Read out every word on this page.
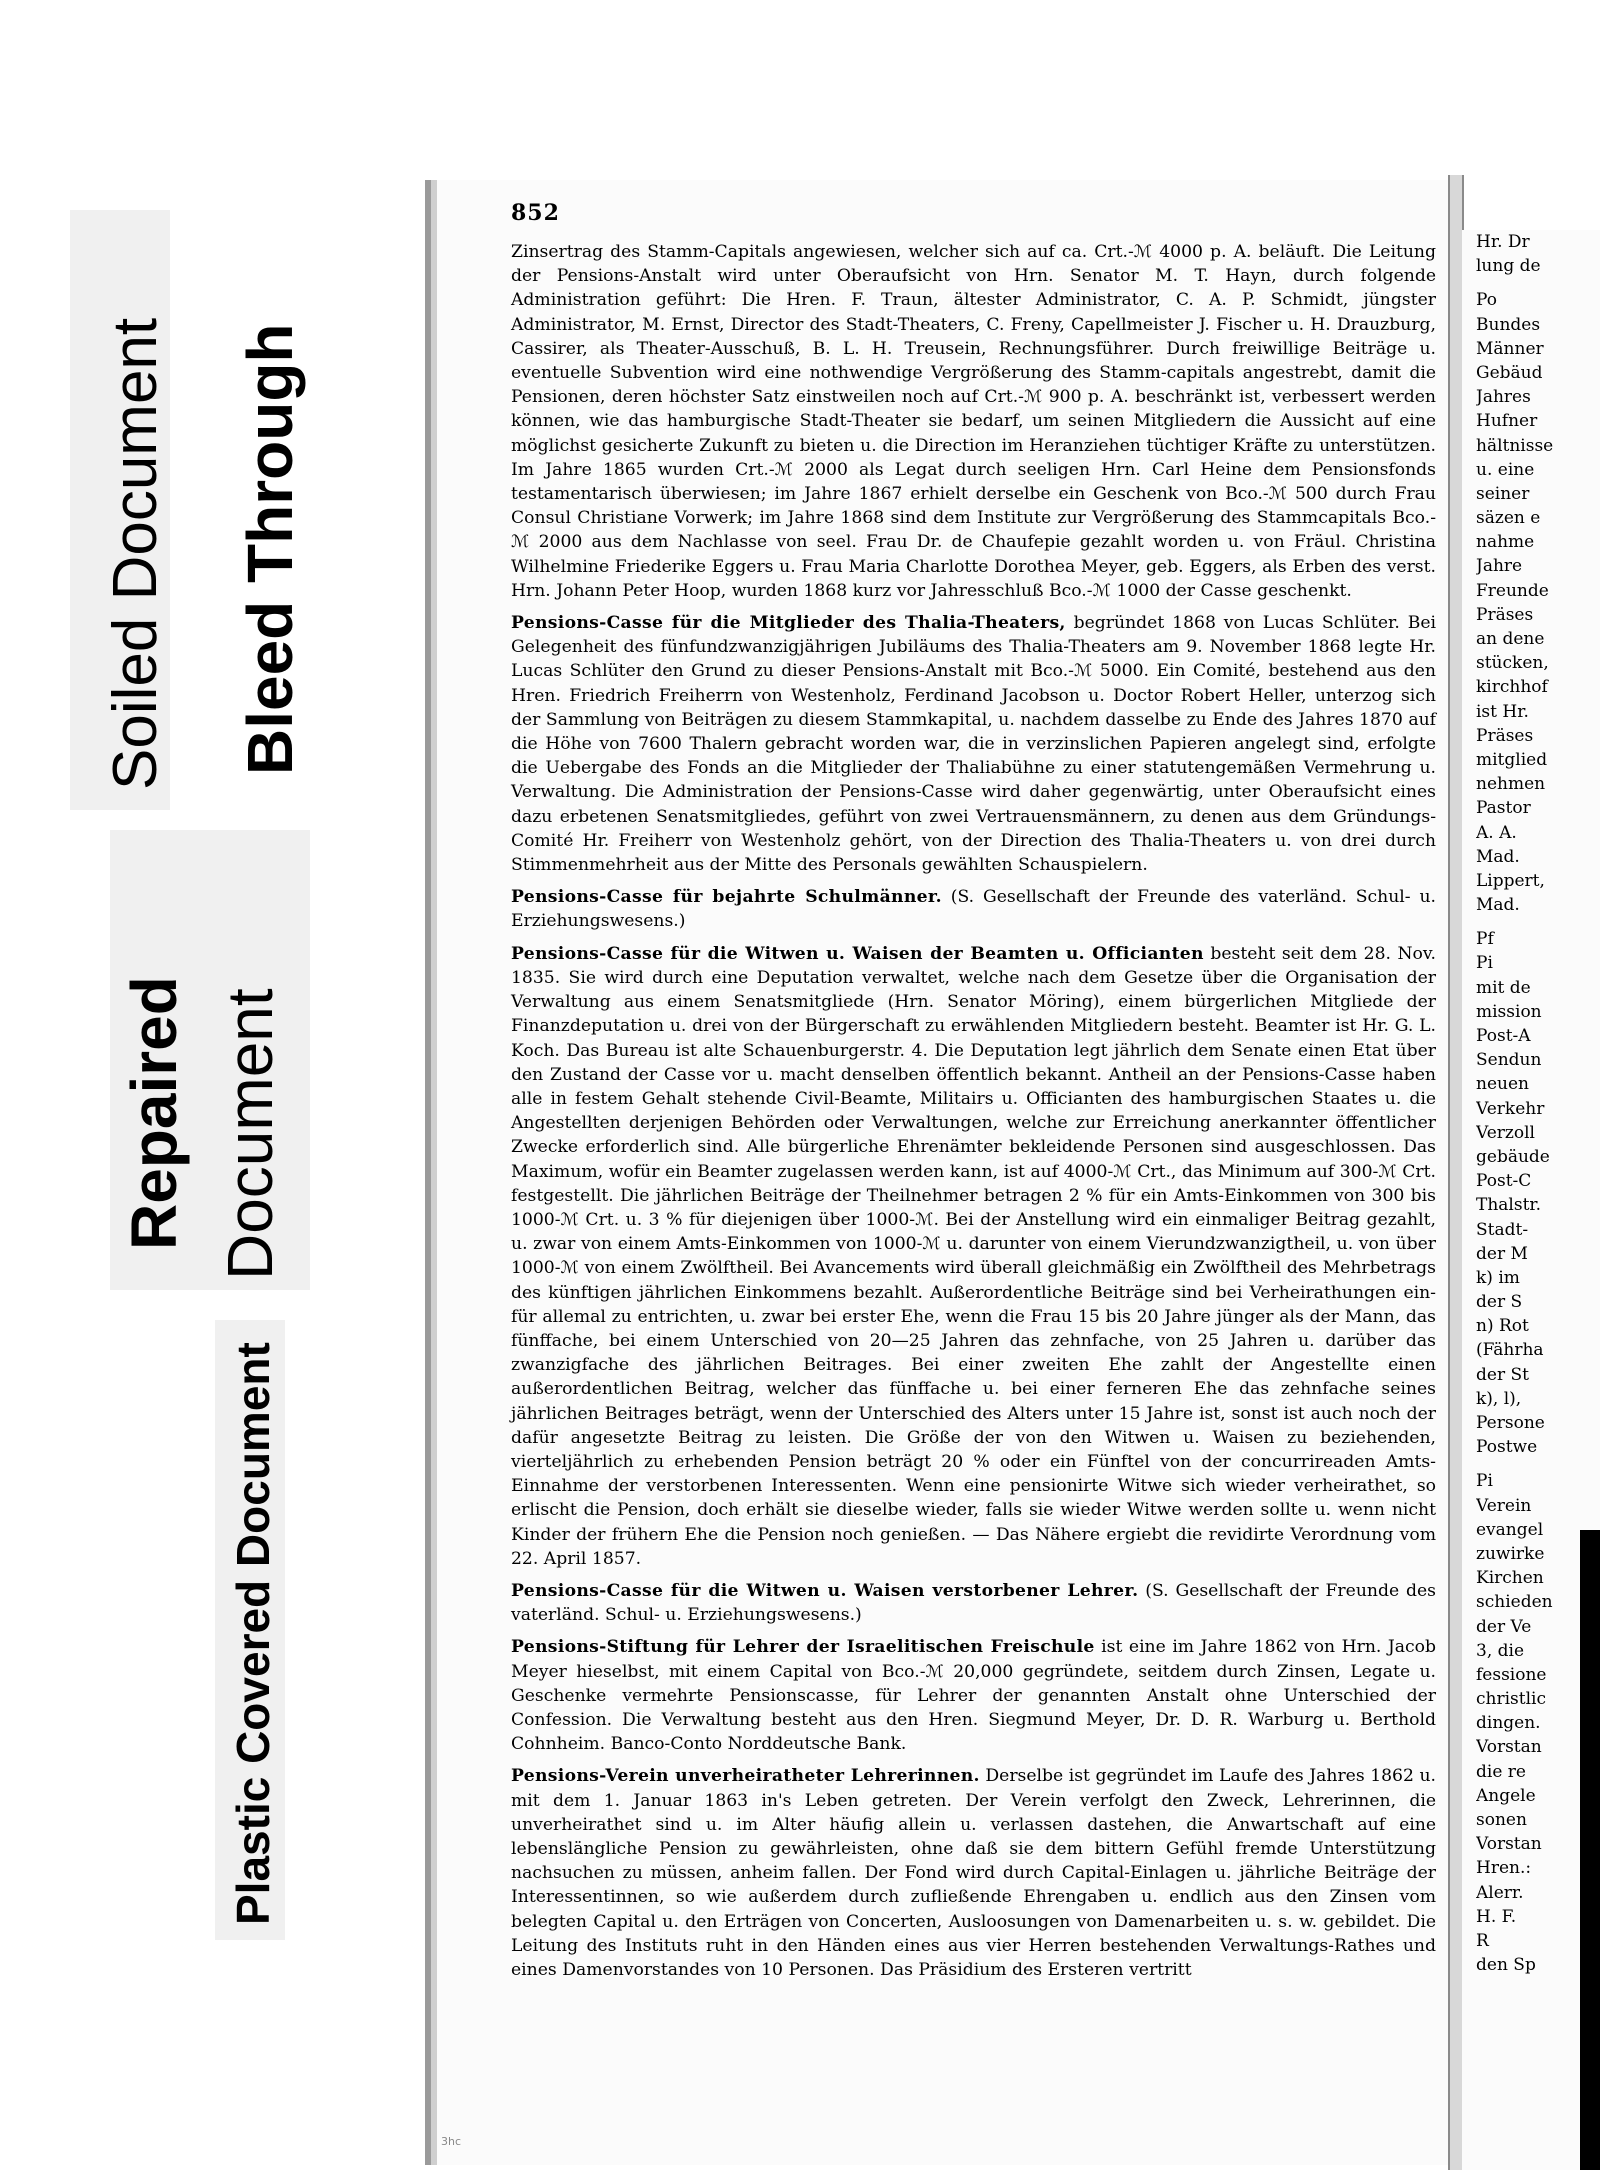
Soiled Document Bleed Through
Repaired Document
Plastic Covered Document
852

Zinsertrag des Stamm-Capitals angewiesen, welcher sich auf ca. Crt.-ℳ 4000 p. A. beläuft. Die Leitung der Pensions-Anstalt wird unter Oberaufsicht von Hrn. Senator M. T. Hayn, durch folgende Administration geführt: Die Hren. F. Traun, ältester Administrator, C. A. P. Schmidt, jüngster Administrator, M. Ernst, Director des Stadt-Theaters, C. Freny, Capellmeister J. Fischer u. H. Drauzburg, Cassirer, als Theater-Ausschuß, B. L. H. Treusein, Rechnungsführer. Durch freiwillige Beiträge u. eventuelle Subvention wird eine nothwendige Vergrößerung des Stamm-capitals angestrebt, damit die Pensionen, deren höchster Satz einstweilen noch auf Crt.-ℳ 900 p. A. beschränkt ist, verbessert werden können, wie das hamburgische Stadt-Theater sie bedarf, um seinen Mitgliedern die Aussicht auf eine möglichst gesicherte Zukunft zu bieten u. die Direction im Heranziehen tüchtiger Kräfte zu unterstützen. Im Jahre 1865 wurden Crt.-ℳ 2000 als Legat durch seeligen Hrn. Carl Heine dem Pensionsfonds testamentarisch überwiesen; im Jahre 1867 erhielt derselbe ein Geschenk von Bco.-ℳ 500 durch Frau Consul Christiane Vorwerk; im Jahre 1868 sind dem Institute zur Vergrößerung des Stammcapitals Bco.-ℳ 2000 aus dem Nachlasse von seel. Frau Dr. de Chaufepie gezahlt worden u. von Fräul. Christina Wilhelmine Friederike Eggers u. Frau Maria Charlotte Dorothea Meyer, geb. Eggers, als Erben des verst. Hrn. Johann Peter Hoop, wurden 1868 kurz vor Jahresschluß Bco.-ℳ 1000 der Casse geschenkt.

Pensions-Casse für die Mitglieder des Thalia-Theaters, begründet 1868 von Lucas Schlüter. Bei Gelegenheit des fünfundzwanzigjährigen Jubiläums des Thalia-Theaters am 9. November 1868 legte Hr. Lucas Schlüter den Grund zu dieser Pensions-Anstalt mit Bco.-ℳ 5000. Ein Comité, bestehend aus den Hren. Friedrich Freiherrn von Westenholz, Ferdinand Jacobson u. Doctor Robert Heller, unterzog sich der Sammlung von Beiträgen zu diesem Stammkapital, u. nachdem dasselbe zu Ende des Jahres 1870 auf die Höhe von 7600 Thalern gebracht worden war, die in verzinslichen Papieren angelegt sind, erfolgte die Uebergabe des Fonds an die Mitglieder der Thaliabühne zu einer statutengemäßen Vermehrung u. Verwaltung. Die Administration der Pensions-Casse wird daher gegenwärtig, unter Oberaufsicht eines dazu erbetenen Senatsmitgliedes, geführt von zwei Vertrauensmännern, zu denen aus dem Gründungs-Comité Hr. Freiherr von Westenholz gehört, von der Direction des Thalia-Theaters u. von drei durch Stimmenmehrheit aus der Mitte des Personals gewählten Schauspielern.

Pensions-Casse für bejahrte Schulmänner. (S. Gesellschaft der Freunde des vaterländ. Schul- u. Erziehungswesens.)

Pensions-Casse für die Witwen u. Waisen der Beamten u. Officianten besteht seit dem 28. Nov. 1835. Sie wird durch eine Deputation verwaltet, welche nach dem Gesetze über die Organisation der Verwaltung aus einem Senatsmitgliede (Hrn. Senator Möring), einem bürgerlichen Mitgliede der Finanzdeputation u. drei von der Bürgerschaft zu erwählenden Mitgliedern besteht. Beamter ist Hr. G. L. Koch. Das Bureau ist alte Schauenburgerstr. 4. Die Deputation legt jährlich dem Senate einen Etat über den Zustand der Casse vor u. macht denselben öffentlich bekannt. Antheil an der Pensions-Casse haben alle in festem Gehalt stehende Civil-Beamte, Militairs u. Officianten des hamburgischen Staates u. die Angestellten derjenigen Behörden oder Verwaltungen, welche zur Erreichung anerkannter öffentlicher Zwecke erforderlich sind. Alle bürgerliche Ehrenämter bekleidende Personen sind ausgeschlossen. Das Maximum, wofür ein Beamter zugelassen werden kann, ist auf 4000-ℳ Crt., das Minimum auf 300-ℳ Crt. festgestellt. Die jährlichen Beiträge der Theilnehmer betragen 2 % für ein Amts-Einkommen von 300 bis 1000-ℳ Crt. u. 3 % für diejenigen über 1000-ℳ. Bei der Anstellung wird ein einmaliger Beitrag gezahlt, u. zwar von einem Amts-Einkommen von 1000-ℳ u. darunter von einem Vierundzwanzigtheil, u. von über 1000-ℳ von einem Zwölftheil. Bei Avancements wird überall gleichmäßig ein Zwölftheil des Mehrbetrags des künftigen jährlichen Einkommens bezahlt. Außerordentliche Beiträge sind bei Verheirathungen ein- für allemal zu entrichten, u. zwar bei erster Ehe, wenn die Frau 15 bis 20 Jahre jünger als der Mann, das fünffache, bei einem Unterschied von 20—25 Jahren das zehnfache, von 25 Jahren u. darüber das zwanzigfache des jährlichen Beitrages. Bei einer zweiten Ehe zahlt der Angestellte einen außerordentlichen Beitrag, welcher das fünffache u. bei einer ferneren Ehe das zehnfache seines jährlichen Beitrages beträgt, wenn der Unterschied des Alters unter 15 Jahre ist, sonst ist auch noch der dafür angesetzte Beitrag zu leisten. Die Größe der von den Witwen u. Waisen zu beziehenden, vierteljährlich zu erhebenden Pension beträgt 20 % oder ein Fünftel von der concurrireaden Amts-Einnahme der verstorbenen Interessenten. Wenn eine pensionirte Witwe sich wieder verheirathet, so erlischt die Pension, doch erhält sie dieselbe wieder, falls sie wieder Witwe werden sollte u. wenn nicht Kinder der frühern Ehe die Pension noch genießen. — Das Nähere ergiebt die revidirte Verordnung vom 22. April 1857.

Pensions-Casse für die Witwen u. Waisen verstorbener Lehrer. (S. Gesellschaft der Freunde des vaterländ. Schul- u. Erziehungswesens.)

Pensions-Stiftung für Lehrer der Israelitischen Freischule ist eine im Jahre 1862 von Hrn. Jacob Meyer hieselbst, mit einem Capital von Bco.-ℳ 20,000 gegründete, seitdem durch Zinsen, Legate u. Geschenke vermehrte Pensionscasse, für Lehrer der genannten Anstalt ohne Unterschied der Confession. Die Verwaltung besteht aus den Hren. Siegmund Meyer, Dr. D. R. Warburg u. Berthold Cohnheim. Banco-Conto Norddeutsche Bank.

Pensions-Verein unverheiratheter Lehrerinnen. Derselbe ist gegründet im Laufe des Jahres 1862 u. mit dem 1. Januar 1863 in's Leben getreten. Der Verein verfolgt den Zweck, Lehrerinnen, die unverheirathet sind u. im Alter häufig allein u. verlassen dastehen, die Anwartschaft auf eine lebenslängliche Pension zu gewährleisten, ohne daß sie dem bittern Gefühl fremde Unterstützung nachsuchen zu müssen, anheim fallen. Der Fond wird durch Capital-Einlagen u. jährliche Beiträge der Interessentinnen, so wie außerdem durch zufließende Ehrengaben u. endlich aus den Zinsen vom belegten Capital u. den Erträgen von Concerten, Ausloosungen von Damenarbeiten u. s. w. gebildet. Die Leitung des Instituts ruht in den Händen eines aus vier Herren bestehenden Verwaltungs-Rathes und eines Damenvorstandes von 10 Personen. Das Präsidium des Ersteren vertritt

3hc
Hr. Dr
lung de
Po
Bundes
Männer
Gebäud
Jahres
Hufner
hältnisse
u. eine
seiner
säzen e
nahme
Jahre
Freunde
Präses
an dene
stücken,
kirchhof
ist Hr.
Präses
mitglied
nehmen
Pastor
A. A.
Mad.
Lippert,
Mad.
Pf
Pi
mit de
mission
Post-A
Sendun
neuen
Verkehr
Verzoll
gebäude
Post-C
Thalstr.
Stadt-
der M
k) im
der S
n) Rot
(Fährha
der St
k), l),
Persone
Postwe
Pi
Verein
evangel
zuwirke
Kirchen
schieden
der Ve
3, die
fessione
christlic
dingen.
Vorstan
die re
Angele
sonen
Vorstan
Hren.:
Alerr.
H. F.
R
den Sp
